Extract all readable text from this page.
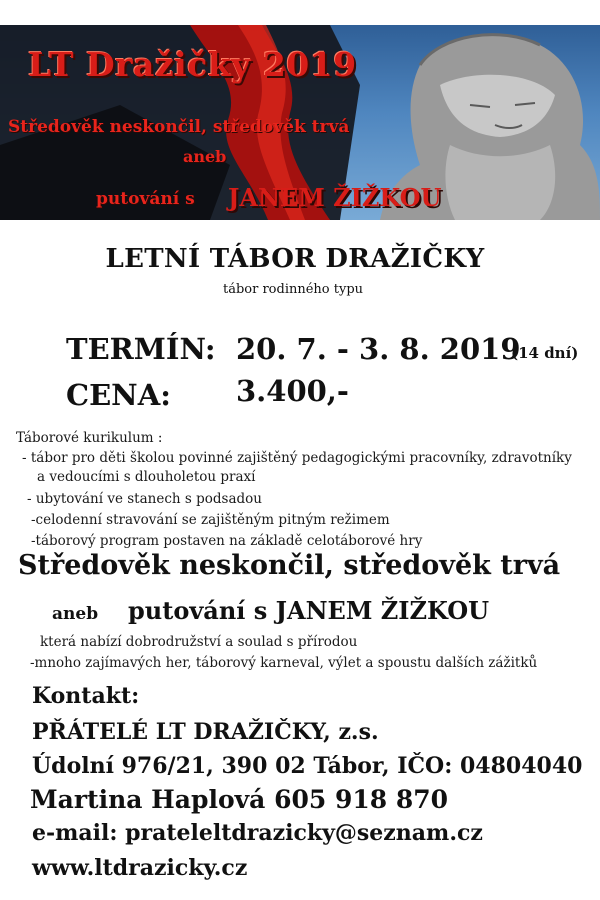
LT Dražičky 2019
Středověk neskončil, středověk trvá
aneb
putování s JANEM ŽIŽKOU
LETNÍ TÁBOR DRAŽIČKY
tábor rodinného typu
TERMÍN: 20. 7. - 3. 8. 2019
(14 dní)
CENA: 3.400,-
Táborové kurikulum :
- tábor pro děti školou povinné zajištěný pedagogickými pracovníky, zdravotníky
a vedoucími s dlouholetou praxí
- ubytování ve stanech s podsadou
-celodenní stravování se zajištěným pitným režimem
-táborový program postaven na základě celotáborové hry
Středověk neskončil, středověk trvá
aneb putování s JANEM ŽIŽKOU
která nabízí dobrodružství a soulad s přírodou
-mnoho zajímavých her, táborový karneval, výlet a spoustu dalších zážitků
Kontakt:
PŘÁTELÉ LT DRAŽIČKY, z.s.
Údolní 976/21, 390 02 Tábor, IČO: 04804040
Martina Haplová 605 918 870
e-mail: prateleltdrazicky@seznam.cz
www.ltdrazicky.cz
